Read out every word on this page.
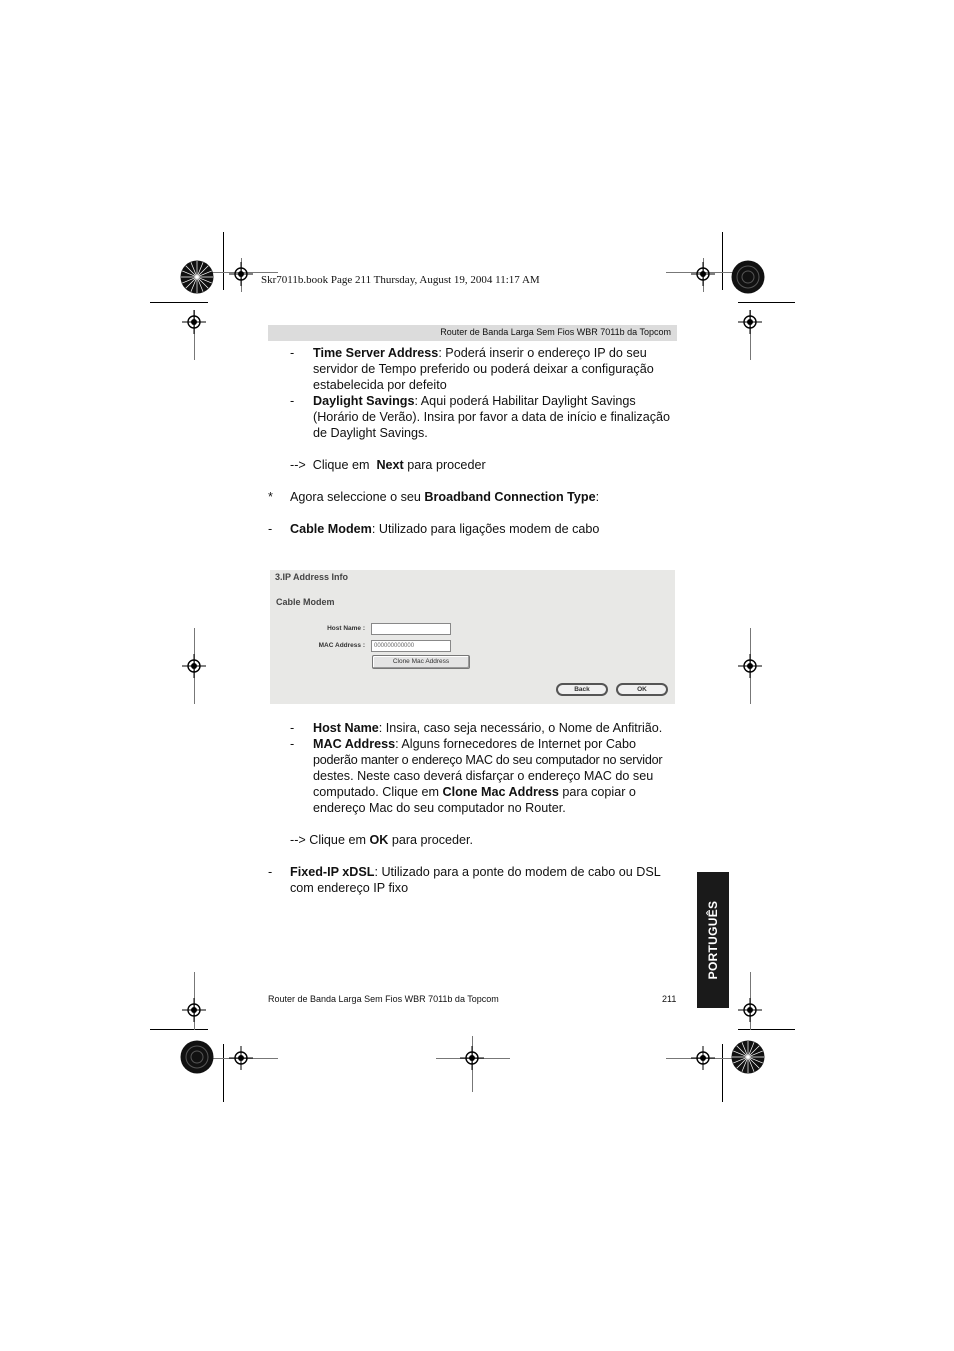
Skr7011b.book Page 211 Thursday, August 19, 2004 11:17 AM
Router de Banda Larga Sem Fios WBR 7011b da Topcom
- Time Server Address: Poderá inserir o endereço IP do seu
servidor de Tempo preferido ou poderá deixar a configuração
estabelecida por defeito
- Daylight Savings: Aqui poderá Habilitar Daylight Savings
(Horário de Verão). Insira por favor a data de início e finalização
de Daylight Savings.
-->  Clique em  Next para proceder
* Agora seleccione o seu Broadband Connection Type:
- Cable Modem: Utilizado para ligações modem de cabo
3.IP Address Info
Cable Modem
Host Name :
MAC Address :	000000000000
Clone Mac Address
Back	OK
- Host Name: Insira, caso seja necessário, o Nome de Anfitrião.
- MAC Address: Alguns fornecedores de Internet por Cabo
poderão manter o endereço MAC do seu computador no servidor
destes. Neste caso deverá disfarçar o endereço MAC do seu
computado. Clique em Clone Mac Address para copiar o
endereço Mac do seu computador no Router.
--> Clique em OK para proceder.
- Fixed-IP xDSL: Utilizado para a ponte do modem de cabo ou DSL
com endereço IP fixo
PORTUGUÊS
Router de Banda Larga Sem Fios WBR 7011b da Topcom	211
